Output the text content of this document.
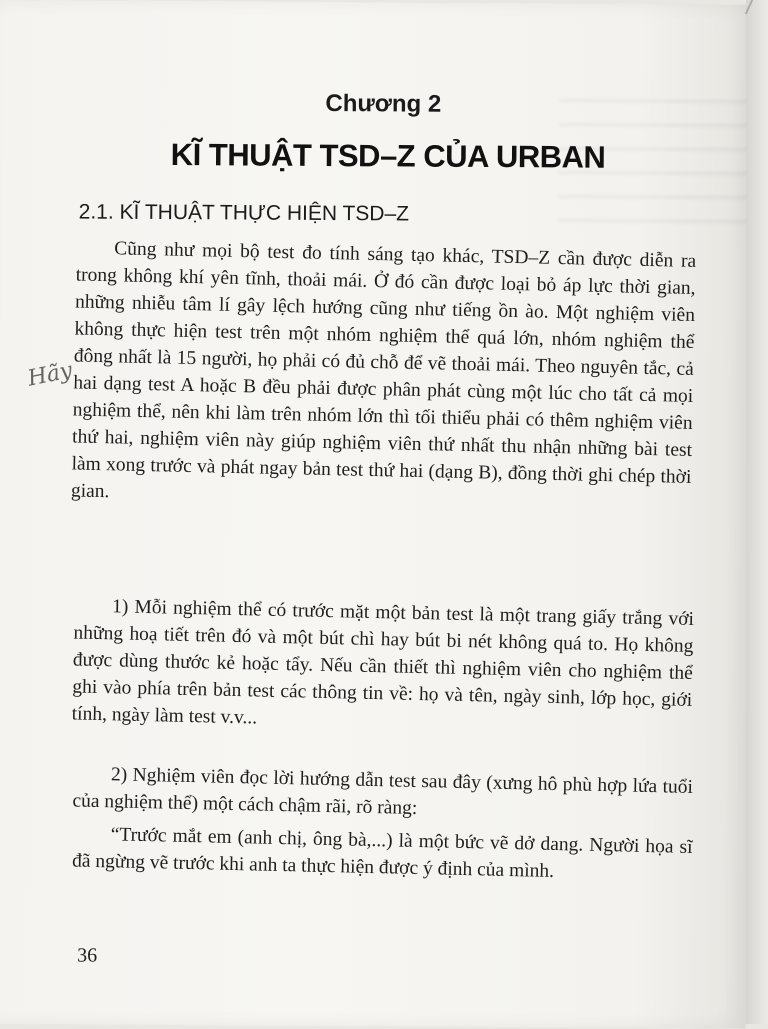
Chương 2
KĨ THUẬT TSD–Z CỦA URBAN
2.1. KĨ THUẬT THỰC HIỆN TSD–Z

Cũng như mọi bộ test đo tính sáng tạo khác, TSD–Z cần được diễn ra trong không khí yên tĩnh, thoải mái. Ở đó cần được loại bỏ áp lực thời gian, những nhiễu tâm lí gây lệch hướng cũng như tiếng ồn ào. Một nghiệm viên không thực hiện test trên một nhóm nghiệm thể quá lớn, nhóm nghiệm thể đông nhất là 15 người, họ phải có đủ chỗ để vẽ thoải mái. Theo nguyên tắc, cả hai dạng test A hoặc B đều phải được phân phát cùng một lúc cho tất cả mọi nghiệm thể, nên khi làm trên nhóm lớn thì tối thiểu phải có thêm nghiệm viên thứ hai, nghiệm viên này giúp nghiệm viên thứ nhất thu nhận những bài test làm xong trước và phát ngay bản test thứ hai (dạng B), đồng thời ghi chép thời gian.

1) Mỗi nghiệm thể có trước mặt một bản test là một trang giấy trắng với những hoạ tiết trên đó và một bút chì hay bút bi nét không quá to. Họ không được dùng thước kẻ hoặc tẩy. Nếu cần thiết thì nghiệm viên cho nghiệm thể ghi vào phía trên bản test các thông tin về: họ và tên, ngày sinh, lớp học, giới tính, ngày làm test v.v...

2) Nghiệm viên đọc lời hướng dẫn test sau đây (xưng hô phù hợp lứa tuổi của nghiệm thể) một cách chậm rãi, rõ ràng:

“Trước mắt em (anh chị, ông bà,...) là một bức vẽ dở dang. Người họa sĩ đã ngừng vẽ trước khi anh ta thực hiện được ý định của mình.

Hãy
36
